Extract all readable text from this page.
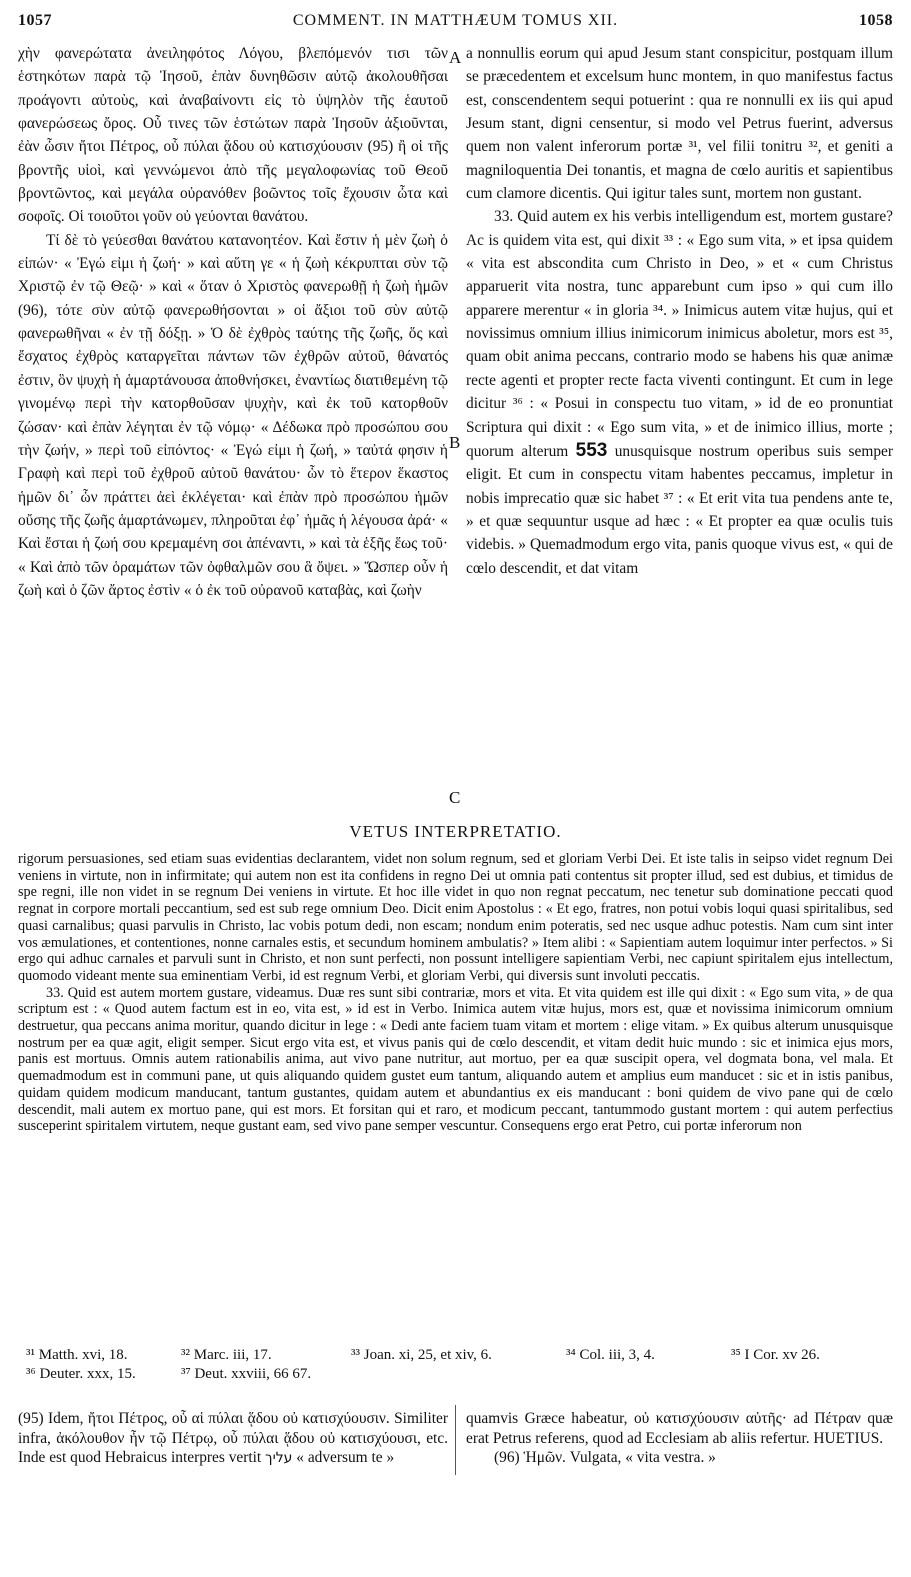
1057	COMMENT. IN MATTHÆUM TOMUS XII.	1058

χὴν φανερώτατα ἀνειληφότος Λόγου, βλεπόμενόν τισι τῶν ἑστηκότων παρὰ τῷ Ἰησοῦ, ἐπὰν δυνηθῶσιν αὐτῷ ἀκολουθῆσαι προάγοντι αὐτοὺς, καὶ ἀναβαίνοντι εἰς τὸ ὑψηλὸν τῆς ἑαυτοῦ φανερώσεως ὄρος. Οὗ τινες τῶν ἑστώτων παρὰ Ἰησοῦν ἀξιοῦνται, ἐὰν ὦσιν ἤτοι Πέτρος, οὗ πύλαι ᾅδου οὐ κατισχύουσιν (95) ἢ οἱ τῆς βροντῆς υἱοὶ, καὶ γεννώμενοι ἀπὸ τῆς μεγαλοφωνίας τοῦ Θεοῦ βροντῶντος, καὶ μεγάλα οὐρανόθεν βοῶντος τοῖς ἔχουσιν ὦτα καὶ σοφοῖς. Οἱ τοιοῦτοι γοῦν οὐ γεύονται θανάτου.

Τί δὲ τὸ γεύεσθαι θανάτου κατανοητέον. Καὶ ἔστιν ἡ μὲν ζωὴ ὁ εἰπών· « Ἐγώ εἰμι ἡ ζωή· » καὶ αὕτη γε « ἡ ζωὴ κέκρυπται σὺν τῷ Χριστῷ ἐν τῷ Θεῷ· » καὶ « ὅταν ὁ Χριστὸς φανερωθῇ ἡ ζωὴ ἡμῶν (96), τότε σὺν αὐτῷ φανερωθήσονται » οἱ ἄξιοι τοῦ σὺν αὐτῷ φανερωθῆναι « ἐν τῇ δόξῃ. » Ὁ δὲ ἐχθρὸς ταύτης τῆς ζωῆς, ὅς καὶ ἔσχατος ἐχθρὸς καταργεῖται πάντων τῶν ἐχθρῶν αὐτοῦ, θάνατός ἐστιν, ὃν ψυχὴ ἡ ἁμαρτάνουσα ἀποθνήσκει, ἐναντίως διατιθεμένη τῷ γινομένῳ περὶ τὴν κατορθοῦσαν ψυχὴν, καὶ ἐκ τοῦ κατορθοῦν ζώσαν· καὶ ἐπὰν λέγηται ἐν τῷ νόμῳ· « Δέδωκα πρὸ προσώπου σου τὴν ζωήν, » περὶ τοῦ εἰπόντος· « Ἐγώ εἰμι ἡ ζωή, » ταὐτά φησιν ἡ Γραφὴ καὶ περὶ τοῦ ἐχθροῦ αὐτοῦ θανάτου· ὧν τὸ ἕτερον ἕκαστος ἡμῶν δι᾽ ὧν πράττει ἀεὶ ἐκλέγεται· καὶ ἐπὰν πρὸ προσώπου ἡμῶν οὔσης τῆς ζωῆς ἁμαρτάνωμεν, πληροῦται ἐφ᾽ ἡμᾶς ἡ λέγουσα ἀρά· « Καὶ ἔσται ἡ ζωή σου κρεμαμένη σοι ἀπέναντι, » καὶ τὰ ἑξῆς ἕως τοῦ· « Καὶ ἀπὸ τῶν ὁραμάτων τῶν ὀφθαλμῶν σου ἃ ὄψει. » Ὥσπερ οὖν ἡ ζωὴ καὶ ὁ ζῶν ἄρτος ἐστὶν « ὁ ἐκ τοῦ οὐρανοῦ καταβὰς, καὶ ζωὴν

A
B
C

a nonnullis eorum qui apud Jesum stant conspicitur, postquam illum se præcedentem et excelsum hunc montem, in quo manifestus factus est, conscendentem sequi potuerint : qua re nonnulli ex iis qui apud Jesum stant, digni censentur, si modo vel Petrus fuerint, adversus quem non valent inferorum portæ ³¹, vel filii tonitru ³², et geniti a magniloquentia Dei tonantis, et magna de cœlo auritis et sapientibus cum clamore dicentis. Qui igitur tales sunt, mortem non gustant.

33. Quid autem ex his verbis intelligendum est, mortem gustare? Ac is quidem vita est, qui dixit ³³ : « Ego sum vita, » et ipsa quidem « vita est abscondita cum Christo in Deo, » et « cum Christus apparuerit vita nostra, tunc apparebunt cum ipso » qui cum illo apparere merentur « in gloria ³⁴. » Inimicus autem vitæ hujus, qui et novissimus omnium illius inimicorum inimicus aboletur, mors est ³⁵, quam obit anima peccans, contrario modo se habens his quæ animæ recte agenti et propter recte facta viventi contingunt. Et cum in lege dicitur ³⁶ : « Posui in conspectu tuo vitam, » id de eo pronuntiat Scriptura qui dixit : « Ego sum vita, » et de inimico illius, morte ; quorum alterum 553 unusquisque nostrum operibus suis semper eligit. Et cum in conspectu vitam habentes peccamus, impletur in nobis imprecatio quæ sic habet ³⁷ : « Et erit vita tua pendens ante te, » et quæ sequuntur usque ad hæc : « Et propter ea quæ oculis tuis videbis. » Quemadmodum ergo vita, panis quoque vivus est, « qui de cœlo descendit, et dat vitam

VETUS INTERPRETATIO.

rigorum persuasiones, sed etiam suas evidentias declarantem, videt non solum regnum, sed et gloriam Verbi Dei. Et iste talis in seipso videt regnum Dei veniens in virtute, non in infirmitate; qui autem non est ita confidens in regno Dei ut omnia pati contentus sit propter illud, sed est dubius, et timidus de spe regni, ille non videt in se regnum Dei veniens in virtute. Et hoc ille videt in quo non regnat peccatum, nec tenetur sub dominatione peccati quod regnat in corpore mortali peccantium, sed est sub rege omnium Deo. Dicit enim Apostolus : « Et ego, fratres, non potui vobis loqui quasi spiritalibus, sed quasi carnalibus; quasi parvulis in Christo, lac vobis potum dedi, non escam; nondum enim poteratis, sed nec usque adhuc potestis. Nam cum sint inter vos æmulationes, et contentiones, nonne carnales estis, et secundum hominem ambulatis? » Item alibi : « Sapientiam autem loquimur inter perfectos. » Si ergo qui adhuc carnales et parvuli sunt in Christo, et non sunt perfecti, non possunt intelligere sapientiam Verbi, nec capiunt spiritalem ejus intellectum, quomodo videant mente sua eminentiam Verbi, id est regnum Verbi, et gloriam Verbi, qui diversis sunt involuti peccatis.

33. Quid est autem mortem gustare, videamus. Duæ res sunt sibi contrariæ, mors et vita. Et vita quidem est ille qui dixit : « Ego sum vita, » de qua scriptum est : « Quod autem factum est in eo, vita est, » id est in Verbo. Inimica autem vitæ hujus, mors est, quæ et novissima inimicorum omnium destruetur, qua peccans anima moritur, quando dicitur in lege : « Dedi ante faciem tuam vitam et mortem : elige vitam. » Ex quibus alterum unusquisque nostrum per ea quæ agit, eligit semper. Sicut ergo vita est, et vivus panis qui de cœlo descendit, et vitam dedit huic mundo : sic et inimica ejus mors, panis est mortuus. Omnis autem rationabilis anima, aut vivo pane nutritur, aut mortuo, per ea quæ suscipit opera, vel dogmata bona, vel mala. Et quemadmodum est in communi pane, ut quis aliquando quidem gustet eum tantum, aliquando autem et amplius eum manducet : sic et in istis panibus, quidam quidem modicum manducant, tantum gustantes, quidam autem et abundantius ex eis manducant : boni quidem de vivo pane qui de cœlo descendit, mali autem ex mortuo pane, qui est mors. Et forsitan qui et raro, et modicum peccant, tantummodo gustant mortem : qui autem perfectius susceperint spiritalem virtutem, neque gustant eam, sed vivo pane semper vescuntur. Consequens ergo erat Petro, cui portæ inferorum non

³¹ Matth. xvi, 18.	³² Marc. iii, 17.	³³ Joan. xi, 25, et xiv, 6.	³⁴ Col. iii, 3, 4.	³⁵ I Cor. xv 26.
³⁶ Deuter. xxx, 15.	³⁷ Deut. xxviii, 66 67.

(95) Idem, ἤτοι Πέτρος, οὗ αἱ πύλαι ᾅδου οὐ κατισχύουσιν. Similiter infra, ἀκόλουθον ἦν τῷ Πέτρῳ, οὗ πύλαι ᾅδου οὐ κατισχύουσι, etc. Inde est quod Hebraicus interpres vertit עליך « adversum te »

quamvis Græce habeatur, οὐ κατισχύουσιν αὐτῆς· ad Πέτραν quæ erat Petrus referens, quod ad Ecclesiam ab aliis refertur. HUETIUS.

(96) Ἡμῶν. Vulgata, « vita vestra. »
